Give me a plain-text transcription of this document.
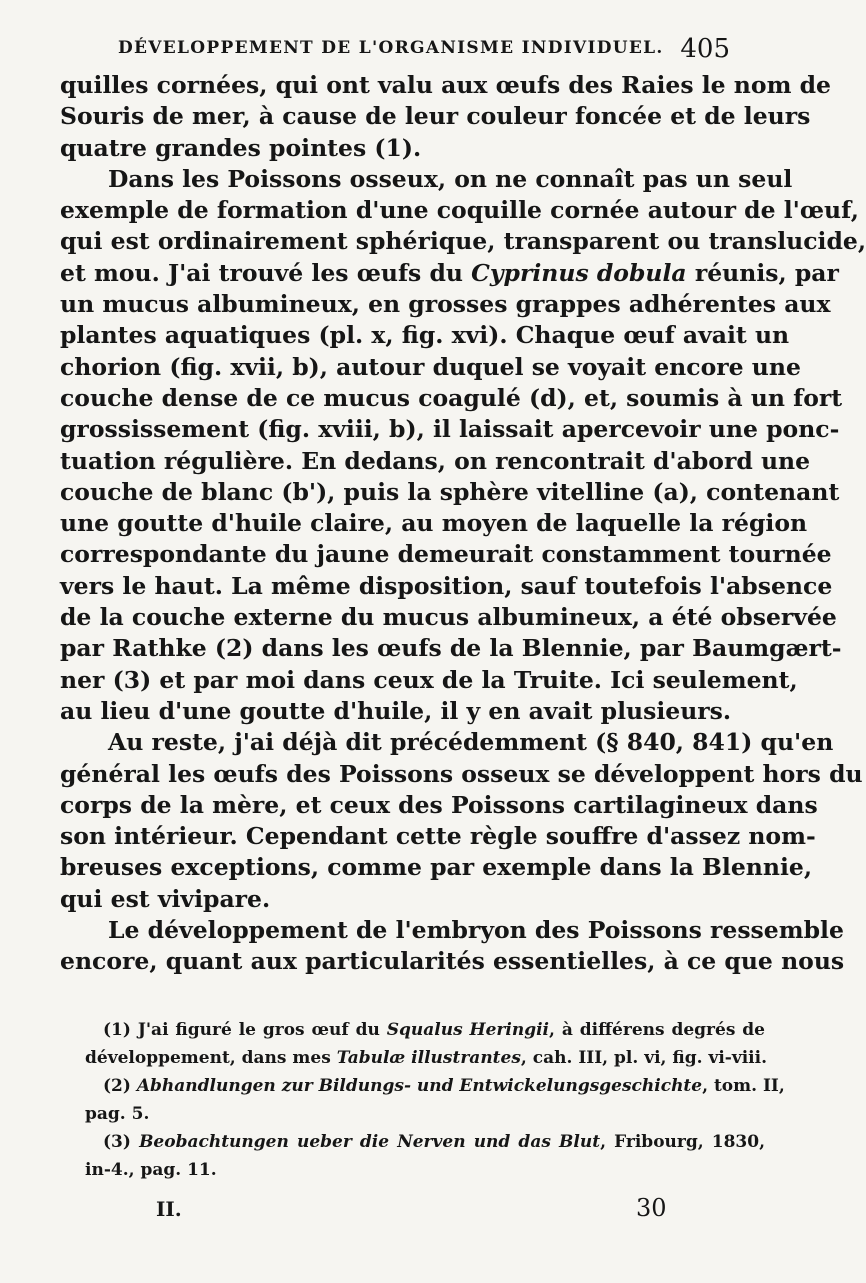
DÉVELOPPEMENT DE L'ORGANISME INDIVIDUEL. 405
quilles cornées, qui ont valu aux œufs des Raies le nom de
Souris de mer, à cause de leur couleur foncée et de leurs
quatre grandes pointes (1).
Dans les Poissons osseux, on ne connaît pas un seul
exemple de formation d'une coquille cornée autour de l'œuf,
qui est ordinairement sphérique, transparent ou translucide,
et mou. J'ai trouvé les œufs du Cyprinus dobula réunis, par
un mucus albumineux, en grosses grappes adhérentes aux
plantes aquatiques (pl. x, fig. xvi). Chaque œuf avait un
chorion (fig. xvii, b), autour duquel se voyait encore une
couche dense de ce mucus coagulé (d), et, soumis à un fort
grossissement (fig. xviii, b), il laissait apercevoir une ponc-
tuation régulière. En dedans, on rencontrait d'abord une
couche de blanc (b'), puis la sphère vitelline (a), contenant
une goutte d'huile claire, au moyen de laquelle la région
correspondante du jaune demeurait constamment tournée
vers le haut. La même disposition, sauf toutefois l'absence
de la couche externe du mucus albumineux, a été observée
par Rathke (2) dans les œufs de la Blennie, par Baumgært-
ner (3) et par moi dans ceux de la Truite. Ici seulement,
au lieu d'une goutte d'huile, il y en avait plusieurs.
Au reste, j'ai déjà dit précédemment (§ 840, 841) qu'en
général les œufs des Poissons osseux se développent hors du
corps de la mère, et ceux des Poissons cartilagineux dans
son intérieur. Cependant cette règle souffre d'assez nom-
breuses exceptions, comme par exemple dans la Blennie,
qui est vivipare.
Le développement de l'embryon des Poissons ressemble
encore, quant aux particularités essentielles, à ce que nous
(1) J'ai figuré le gros œuf du Squalus Heringii, à différens degrés de
développement, dans mes Tabulæ illustrantes, cah. III, pl. vi, fig. vi-viii.
(2) Abhandlungen zur Bildungs- und Entwickelungsgeschichte, tom. II,
pag. 5.
(3) Beobachtungen ueber die Nerven und das Blut, Fribourg, 1830,
in-4., pag. 11.
II.	30
